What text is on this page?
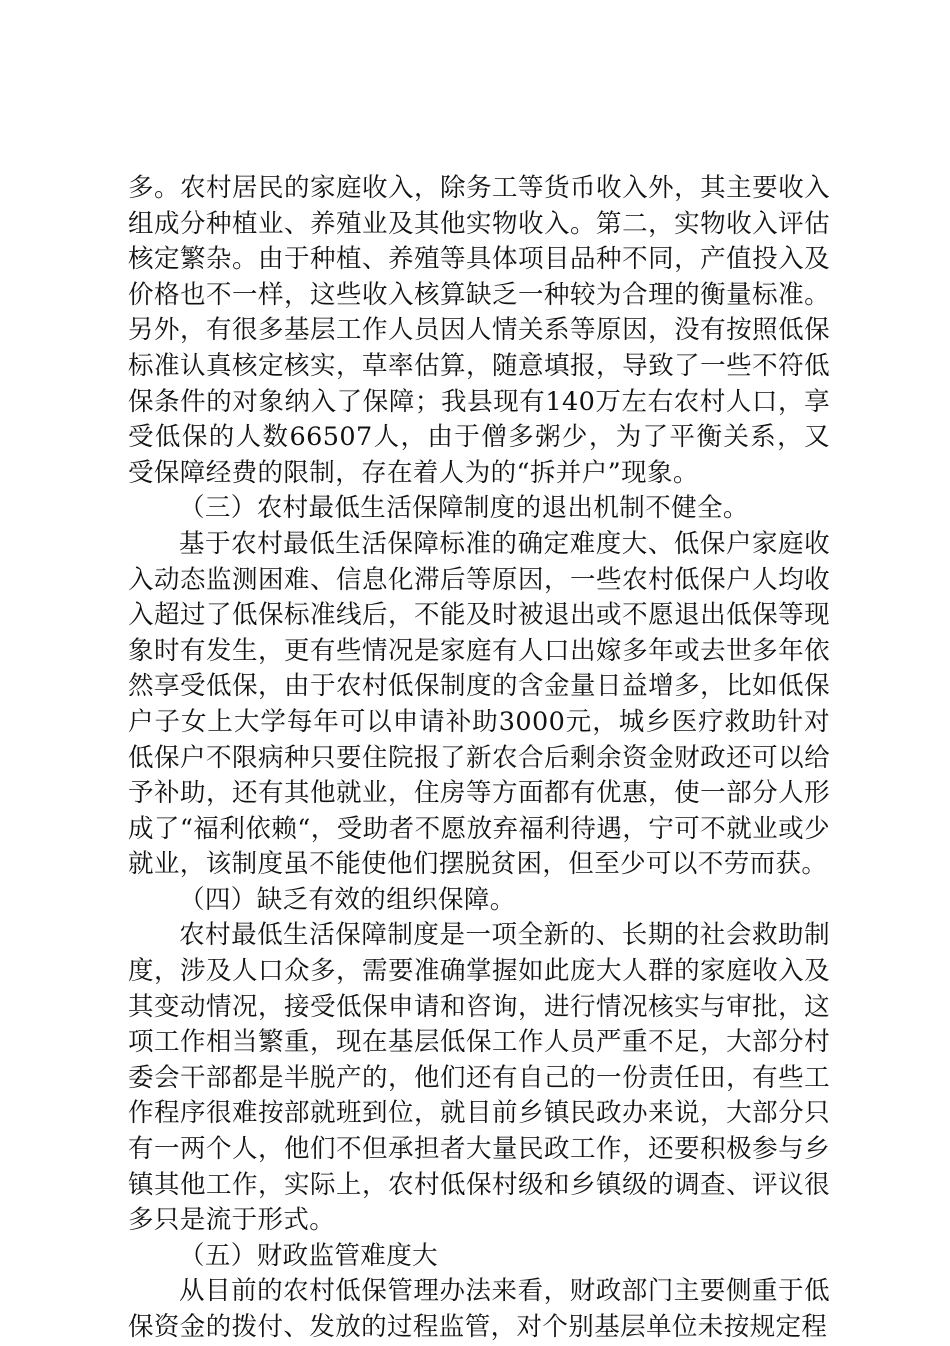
多。农村居民的家庭收入，除务工等货币收入外，其主要收入组成分种植业、养殖业及其他实物收入。第二，实物收入评估核定繁杂。由于种植、养殖等具体项目品种不同，产值投入及价格也不一样，这些收入核算缺乏一种较为合理的衡量标准。另外，有很多基层工作人员因人情关系等原因，没有按照低保标准认真核定核实，草率估算，随意填报，导致了一些不符低保条件的对象纳入了保障；我县现有140万左右农村人口，享受低保的人数66507人，由于僧多粥少，为了平衡关系，又受保障经费的限制，存在着人为的“拆并户”现象。

（三）农村最低生活保障制度的退出机制不健全。

基于农村最低生活保障标准的确定难度大、低保户家庭收入动态监测困难、信息化滞后等原因，一些农村低保户人均收入超过了低保标准线后，不能及时被退出或不愿退出低保等现象时有发生，更有些情况是家庭有人口出嫁多年或去世多年依然享受低保，由于农村低保制度的含金量日益增多，比如低保户子女上大学每年可以申请补助3000元，城乡医疗救助针对低保户不限病种只要住院报了新农合后剩余资金财政还可以给予补助，还有其他就业，住房等方面都有优惠，使一部分人形成了“福利依赖“，受助者不愿放弃福利待遇，宁可不就业或少就业，该制度虽不能使他们摆脱贫困，但至少可以不劳而获。

（四）缺乏有效的组织保障。

农村最低生活保障制度是一项全新的、长期的社会救助制度，涉及人口众多，需要准确掌握如此庞大人群的家庭收入及其变动情况，接受低保申请和咨询，进行情况核实与审批，这项工作相当繁重，现在基层低保工作人员严重不足，大部分村委会干部都是半脱产的，他们还有自己的一份责任田，有些工作程序很难按部就班到位，就目前乡镇民政办来说，大部分只有一两个人，他们不但承担者大量民政工作，还要积极参与乡镇其他工作，实际上，农村低保村级和乡镇级的调查、评议很多只是流于形式。

（五）财政监管难度大

从目前的农村低保管理办法来看，财政部门主要侧重于低保资金的拨付、发放的过程监管，对个别基层单位未按规定程
